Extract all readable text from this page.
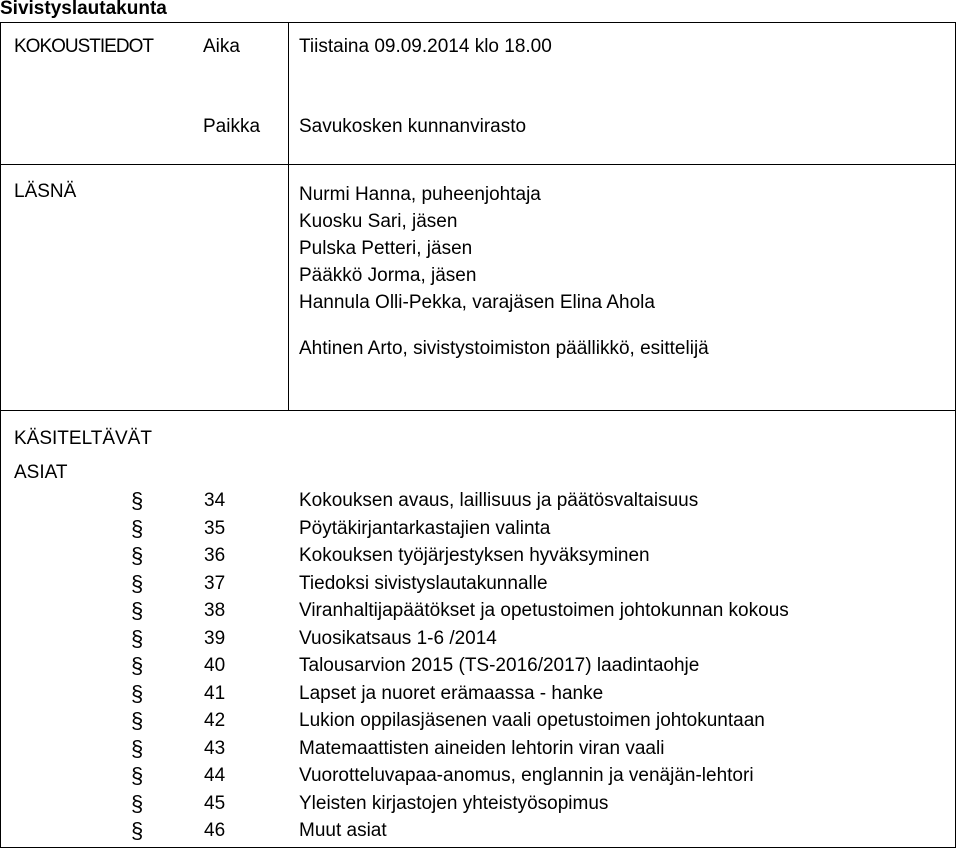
Sivistyslautakunta
KOKOUSTIEDOT	Aika	Tiistaina 09.09.2014 klo 18.00
Paikka Savukosken kunnanvirasto
LÄSNÄ	Nurmi Hanna, puheenjohtaja
Kuosku Sari, jäsen
Pulska Petteri, jäsen
Pääkkö Jorma, jäsen
Hannula Olli-Pekka, varajäsen Elina Ahola
Ahtinen Arto, sivistystoimiston päällikkö, esittelijä
KÄSITELTÄVÄT
ASIAT
§	34	Kokouksen avaus, laillisuus ja päätösvaltaisuus
§	35	Pöytäkirjantarkastajien valinta
§	36	Kokouksen työjärjestyksen hyväksyminen
§	37	Tiedoksi sivistyslautakunnalle
§	38	Viranhaltijapäätökset ja opetustoimen johtokunnan kokous
§	39	Vuosikatsaus 1-6 /2014
§	40	Talousarvion 2015 (TS-2016/2017) laadintaohje
§	41	Lapset ja nuoret erämaassa - hanke
§	42	Lukion oppilasjäsenen vaali opetustoimen johtokuntaan
§	43	Matemaattisten aineiden lehtorin viran vaali
§	44	Vuorotteluvapaa-anomus, englannin ja venäjän-lehtori
§	45	Yleisten kirjastojen yhteistyösopimus
§	46	Muut asiat
